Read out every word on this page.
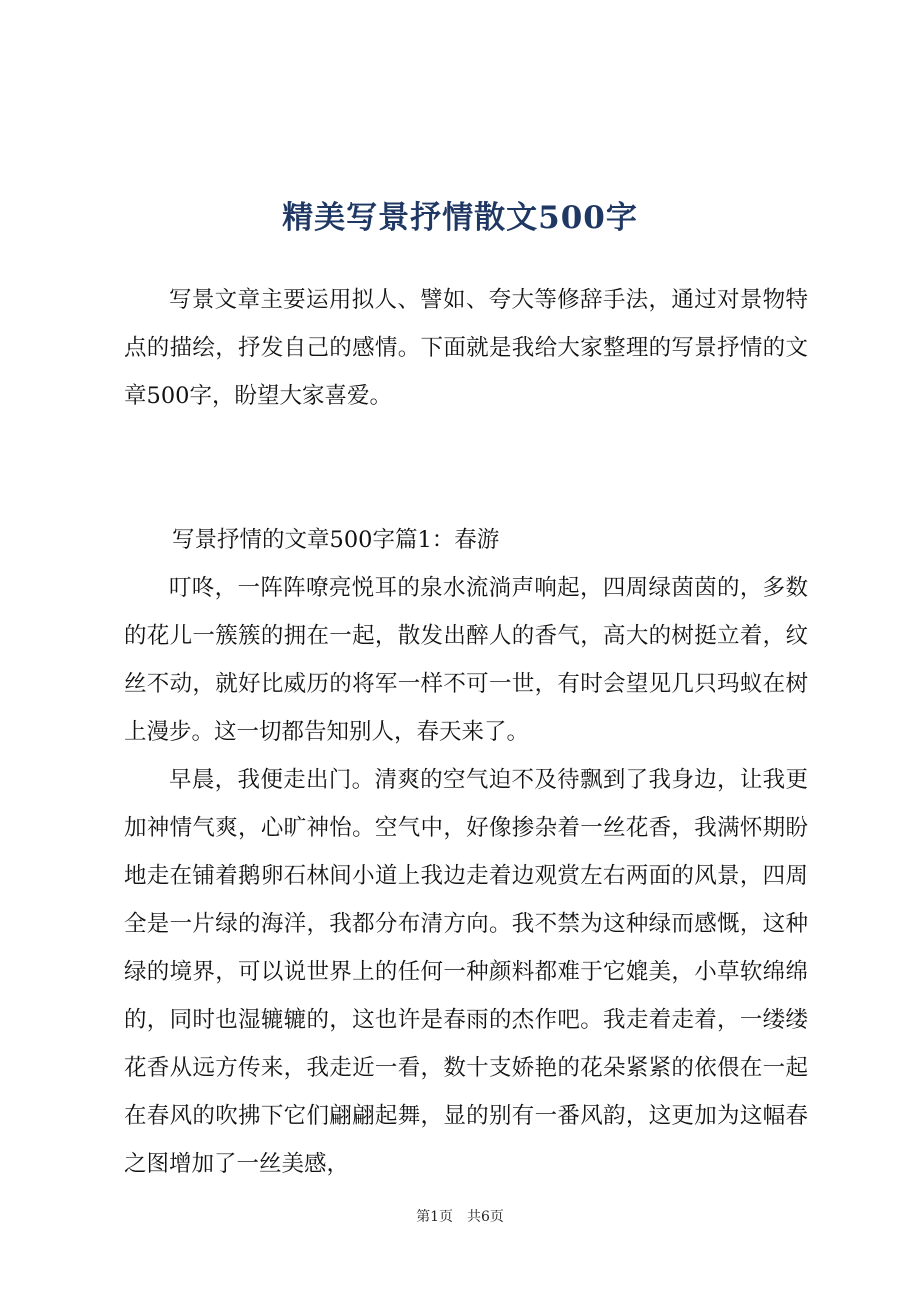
精美写景抒情散文500字

写景文章主要运用拟人、譬如、夸大等修辞手法，通过对景物特点的描绘，抒发自己的感情。下面就是我给大家整理的写景抒情的文章500字，盼望大家喜爱。

写景抒情的文章500字篇1：春游

叮咚，一阵阵嘹亮悦耳的泉水流淌声响起，四周绿茵茵的，多数的花儿一簇簇的拥在一起，散发出醉人的香气，高大的树挺立着，纹丝不动，就好比威历的将军一样不可一世，有时会望见几只玛蚁在树上漫步。这一切都告知别人，春天来了。

早晨，我便走出门。清爽的空气迫不及待飘到了我身边，让我更加神情气爽，心旷神怡。空气中，好像掺杂着一丝花香，我满怀期盼地走在铺着鹅卵石林间小道上我边走着边观赏左右两面的风景，四周全是一片绿的海洋，我都分布清方向。我不禁为这种绿而感慨，这种绿的境界，可以说世界上的任何一种颜料都难于它媲美，小草软绵绵的，同时也湿辘辘的，这也许是春雨的杰作吧。我走着走着，一缕缕花香从远方传来，我走近一看，数十支娇艳的花朵紧紧的依偎在一起在春风的吹拂下它们翩翩起舞，显的别有一番风韵，这更加为这幅春之图增加了一丝美感，

第1页 共6页
